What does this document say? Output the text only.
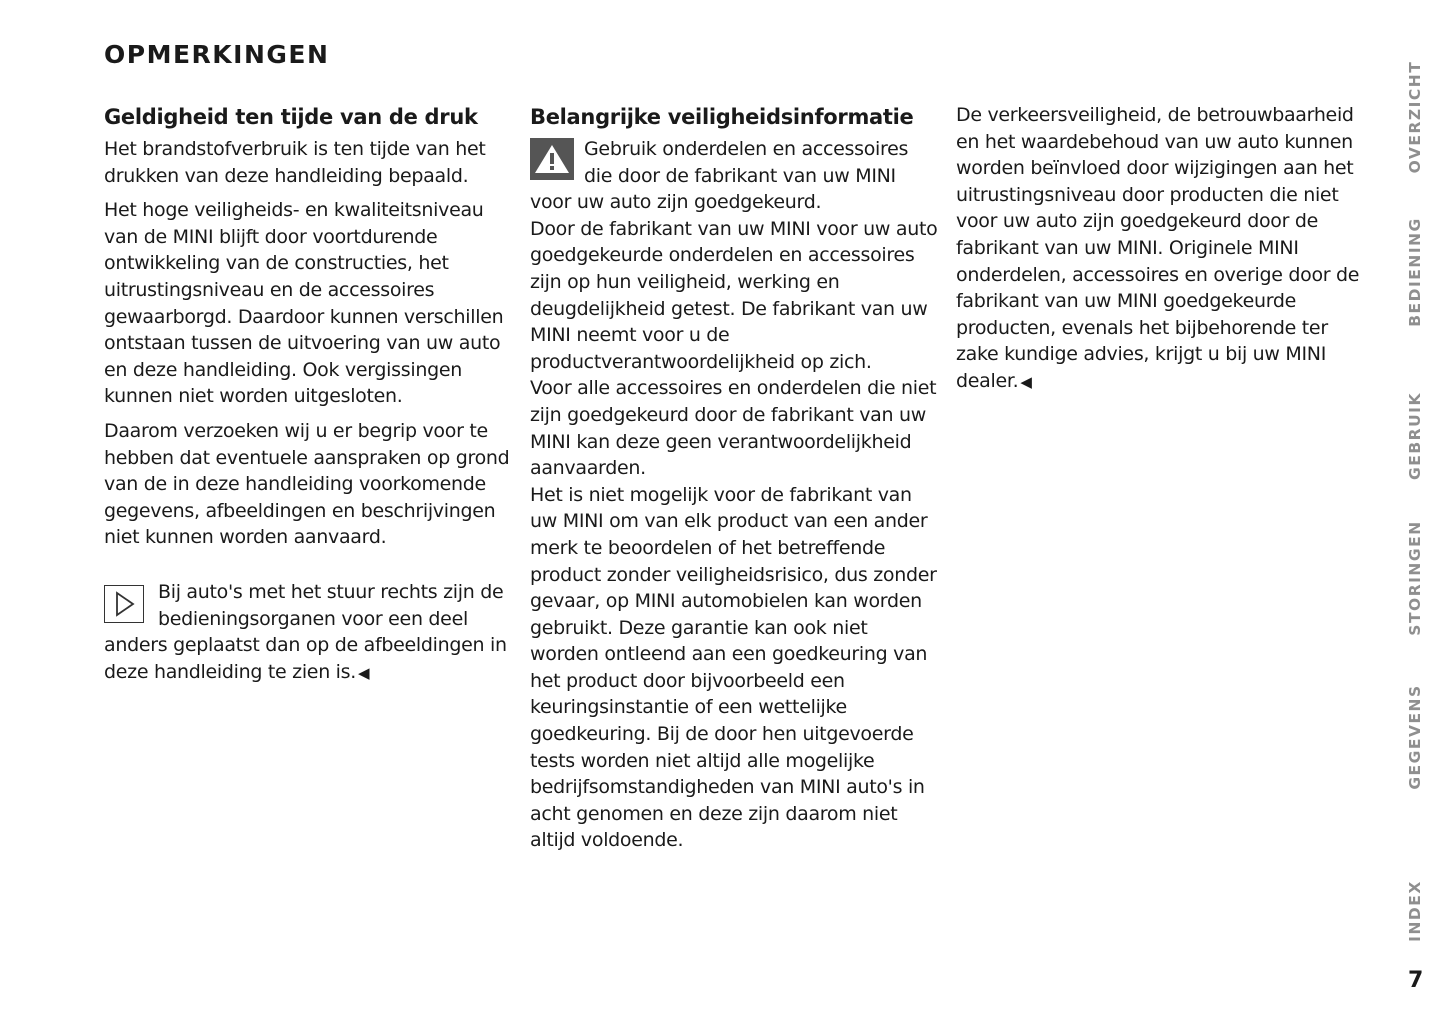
OPMERKINGEN
Geldigheid ten tijde van de druk

Het brandstofverbruik is ten tijde van het drukken van deze handleiding bepaald.

Het hoge veiligheids- en kwaliteitsniveau van de MINI blijft door voortdurende ontwikkeling van de constructies, het uitrustingsniveau en de accessoires gewaarborgd. Daardoor kunnen verschillen ontstaan tussen de uitvoering van uw auto en deze handleiding. Ook vergissingen kunnen niet worden uitgesloten.

Daarom verzoeken wij u er begrip voor te hebben dat eventuele aanspraken op grond van de in deze handleiding voorkomende gegevens, afbeeldingen en beschrijvingen niet kunnen worden aanvaard.

Bij auto's met het stuur rechts zijn de bedieningsorganen voor een deel anders geplaatst dan op de afbeeldingen in deze handleiding te zien is. ◀
Belangrijke veiligheidsinformatie

Gebruik onderdelen en accessoires die door de fabrikant van uw MINI voor uw auto zijn goedgekeurd.

Door de fabrikant van uw MINI voor uw auto goedgekeurde onderdelen en accessoires zijn op hun veiligheid, werking en deugdelijkheid getest. De fabrikant van uw MINI neemt voor u de productverantwoordelijkheid op zich.

Voor alle accessoires en onderdelen die niet zijn goedgekeurd door de fabrikant van uw MINI kan deze geen verantwoordelijkheid aanvaarden.

Het is niet mogelijk voor de fabrikant van uw MINI om van elk product van een ander merk te beoordelen of het betreffende product zonder veiligheidsrisico, dus zonder gevaar, op MINI automobielen kan worden gebruikt. Deze garantie kan ook niet worden ontleend aan een goedkeuring van het product door bijvoorbeeld een keuringsinstantie of een wettelijke goedkeuring. Bij de door hen uitgevoerde tests worden niet altijd alle mogelijke bedrijfsomstandigheden van MINI auto's in acht genomen en deze zijn daarom niet altijd voldoende.

De verkeersveiligheid, de betrouwbaarheid en het waardebehoud van uw auto kunnen worden beïnvloed door wijzigingen aan het uitrustingsniveau door producten die niet voor uw auto zijn goedgekeurd door de fabrikant van uw MINI. Originele MINI onderdelen, accessoires en overige door de fabrikant van uw MINI goedgekeurde producten, evenals het bijbehorende ter zake kundige advies, krijgt u bij uw MINI dealer. ◀

OVERZICHT
BEDIENING
GEBRUIK
STORINGEN
GEGEVENS
INDEX
7
